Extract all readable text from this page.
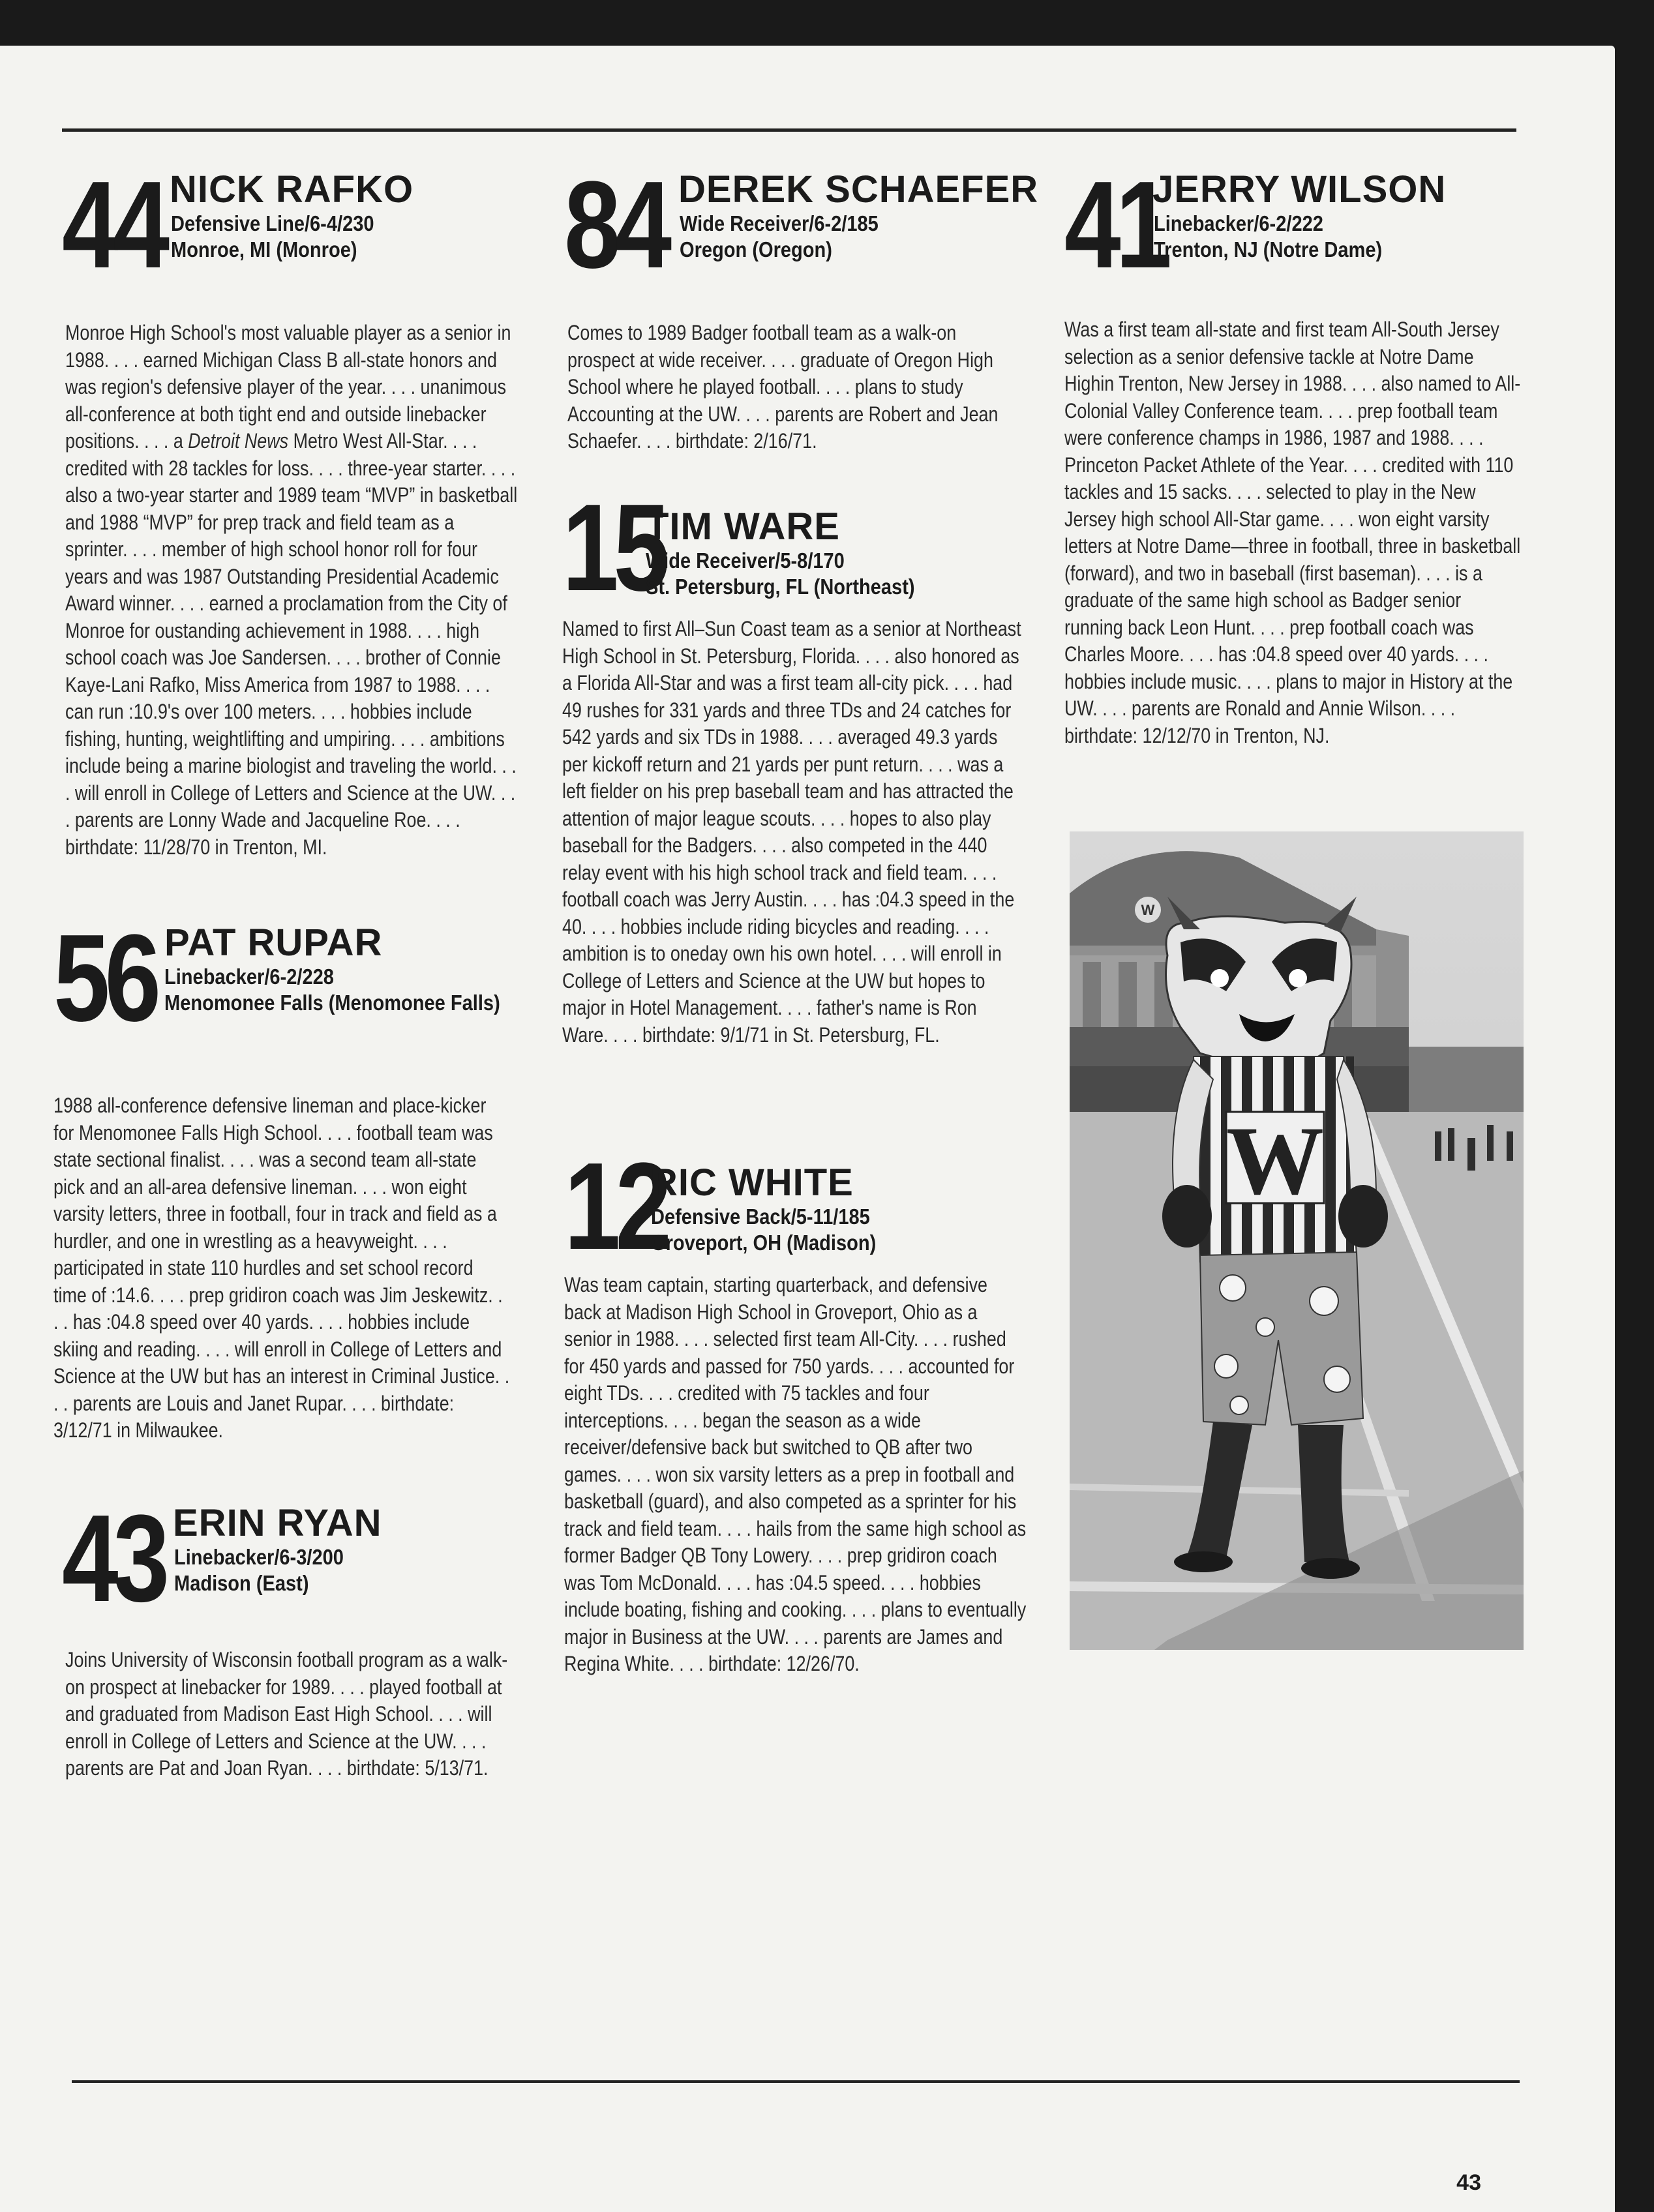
44 NICK RAFKO
Defensive Line/6-4/230
Monroe, MI (Monroe)
Monroe High School's most valuable player as a senior in 1988. . . . earned Michigan Class B all-state honors and was region's defensive player of the year. . . . unanimous all-conference at both tight end and outside linebacker positions. . . . a Detroit News Metro West All-Star. . . . credited with 28 tackles for loss. . . . three-year starter. . . . also a two-year starter and 1989 team “MVP” in basketball and 1988 “MVP” for prep track and field team as a sprinter. . . . member of high school honor roll for four years and was 1987 Outstanding Presidential Academic Award winner. . . . earned a proclamation from the City of Monroe for oustanding achievement in 1988. . . . high school coach was Joe Sandersen. . . . brother of Connie Kaye-Lani Rafko, Miss America from 1987 to 1988. . . . can run :10.9's over 100 meters. . . . hobbies include fishing, hunting, weightlifting and umpiring. . . . ambitions include being a marine biologist and traveling the world. . . . will enroll in College of Letters and Science at the UW. . . . parents are Lonny Wade and Jacqueline Roe. . . . birthdate: 11/28/70 in Trenton, MI.
56 PAT RUPAR
Linebacker/6-2/228
Menomonee Falls (Menomonee Falls)
1988 all-conference defensive lineman and place-kicker for Menomonee Falls High School. . . . football team was state sectional finalist. . . . was a second team all-state pick and an all-area defensive lineman. . . . won eight varsity letters, three in football, four in track and field as a hurdler, and one in wrestling as a heavyweight. . . . participated in state 110 hurdles and set school record time of :14.6. . . . prep gridiron coach was Jim Jeskewitz. . . . has :04.8 speed over 40 yards. . . . hobbies include skiing and reading. . . . will enroll in College of Letters and Science at the UW but has an interest in Criminal Justice. . . . parents are Louis and Janet Rupar. . . . birthdate: 3/12/71 in Milwaukee.
43 ERIN RYAN
Linebacker/6-3/200
Madison (East)
Joins University of Wisconsin football program as a walk-on prospect at linebacker for 1989. . . . played football at and graduated from Madison East High School. . . . will enroll in College of Letters and Science at the UW. . . . parents are Pat and Joan Ryan. . . . birthdate: 5/13/71.
84 DEREK SCHAEFER
Wide Receiver/6-2/185
Oregon (Oregon)
Comes to 1989 Badger football team as a walk-on prospect at wide receiver. . . . graduate of Oregon High School where he played football. . . . plans to study Accounting at the UW. . . . parents are Robert and Jean Schaefer. . . . birthdate: 2/16/71.
15
TIM WARE
Wide Receiver/5-8/170
St. Petersburg, FL (Northeast)
Named to first All–Sun Coast team as a senior at Northeast High School in St. Petersburg, Florida. . . . also honored as a Florida All-Star and was a first team all-city pick. . . . had 49 rushes for 331 yards and three TDs and 24 catches for 542 yards and six TDs in 1988. . . . averaged 49.3 yards per kickoff return and 21 yards per punt return. . . . was a left fielder on his prep baseball team and has attracted the attention of major league scouts. . . . hopes to also play baseball for the Badgers. . . . also competed in the 440 relay event with his high school track and field team. . . . football coach was Jerry Austin. . . . has :04.3 speed in the 40. . . . hobbies include riding bicycles and reading. . . . ambition is to oneday own his own hotel. . . . will enroll in College of Letters and Science at the UW but hopes to major in Hotel Management. . . . father's name is Ron Ware. . . . birthdate: 9/1/71 in St. Petersburg, FL.
12
RIC WHITE
Defensive Back/5-11/185
Groveport, OH (Madison)
Was team captain, starting quarterback, and defensive back at Madison High School in Groveport, Ohio as a senior in 1988. . . . selected first team All-City. . . . rushed for 450 yards and passed for 750 yards. . . . accounted for eight TDs. . . . credited with 75 tackles and four interceptions. . . . began the season as a wide receiver/defensive back but switched to QB after two games. . . . won six varsity letters as a prep in football and basketball (guard), and also competed as a sprinter for his track and field team. . . . hails from the same high school as former Badger QB Tony Lowery. . . . prep gridiron coach was Tom McDonald. . . . has :04.5 speed. . . . hobbies include boating, fishing and cooking. . . . plans to eventually major in Business at the UW. . . . parents are James and Regina White. . . . birthdate: 12/26/70.
41
JERRY WILSON
Linebacker/6-2/222
Trenton, NJ (Notre Dame)
Was a first team all-state and first team All-South Jersey selection as a senior defensive tackle at Notre Dame Highin Trenton, New Jersey in 1988. . . . also named to All-Colonial Valley Conference team. . . . prep football team were conference champs in 1986, 1987 and 1988. . . . Princeton Packet Athlete of the Year. . . . credited with 110 tackles and 15 sacks. . . . selected to play in the New Jersey high school All-Star game. . . . won eight varsity letters at Notre Dame—three in football, three in basketball (forward), and two in baseball (first baseman). . . . is a graduate of the same high school as Badger senior running back Leon Hunt. . . . prep football coach was Charles Moore. . . . has :04.8 speed over 40 yards. . . . hobbies include music. . . . plans to major in History at the UW. . . . parents are Ronald and Annie Wilson. . . . birthdate: 12/12/70 in Trenton, NJ.
W
W
43
